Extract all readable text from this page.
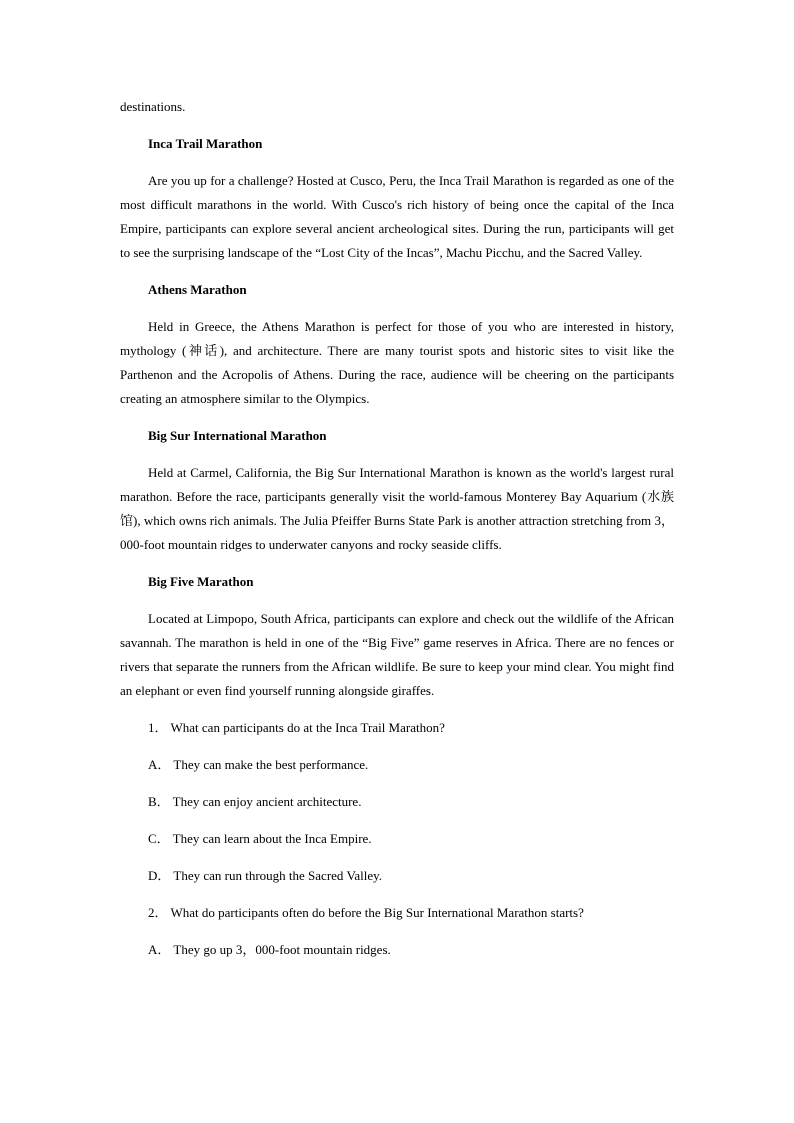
destinations.

Inca Trail Marathon

Are you up for a challenge? Hosted at Cusco, Peru, the Inca Trail Marathon is regarded as one of the most difficult marathons in the world. With Cusco's rich history of being once the capital of the Inca Empire, participants can explore several ancient archeological sites. During the run, participants will get to see the surprising landscape of the “Lost City of the Incas”, Machu Picchu, and the Sacred Valley.

Athens Marathon

Held in Greece, the Athens Marathon is perfect for those of you who are interested in history, mythology (神话), and architecture. There are many tourist spots and historic sites to visit like the Parthenon and the Acropolis of Athens. During the race, audience will be cheering on the participants creating an atmosphere similar to the Olympics.

Big Sur International Marathon

Held at Carmel, California, the Big Sur International Marathon is known as the world's largest rural marathon. Before the race, participants generally visit the world-famous Monterey Bay Aquarium (水族馆), which owns rich animals. The Julia Pfeiffer Burns State Park is another attraction stretching from 3，000-foot mountain ridges to underwater canyons and rocky seaside cliffs.

Big Five Marathon

Located at Limpopo, South Africa, participants can explore and check out the wildlife of the African savannah. The marathon is held in one of the “Big Five” game reserves in Africa. There are no fences or rivers that separate the runners from the African wildlife. Be sure to keep your mind clear. You might find an elephant or even find yourself running alongside giraffes.

1． What can participants do at the Inca Trail Marathon?

A． They can make the best performance.

B． They can enjoy ancient architecture.

C． They can learn about the Inca Empire.

D． They can run through the Sacred Valley.

2． What do participants often do before the Big Sur International Marathon starts?

A． They go up 3，000-foot mountain ridges.
